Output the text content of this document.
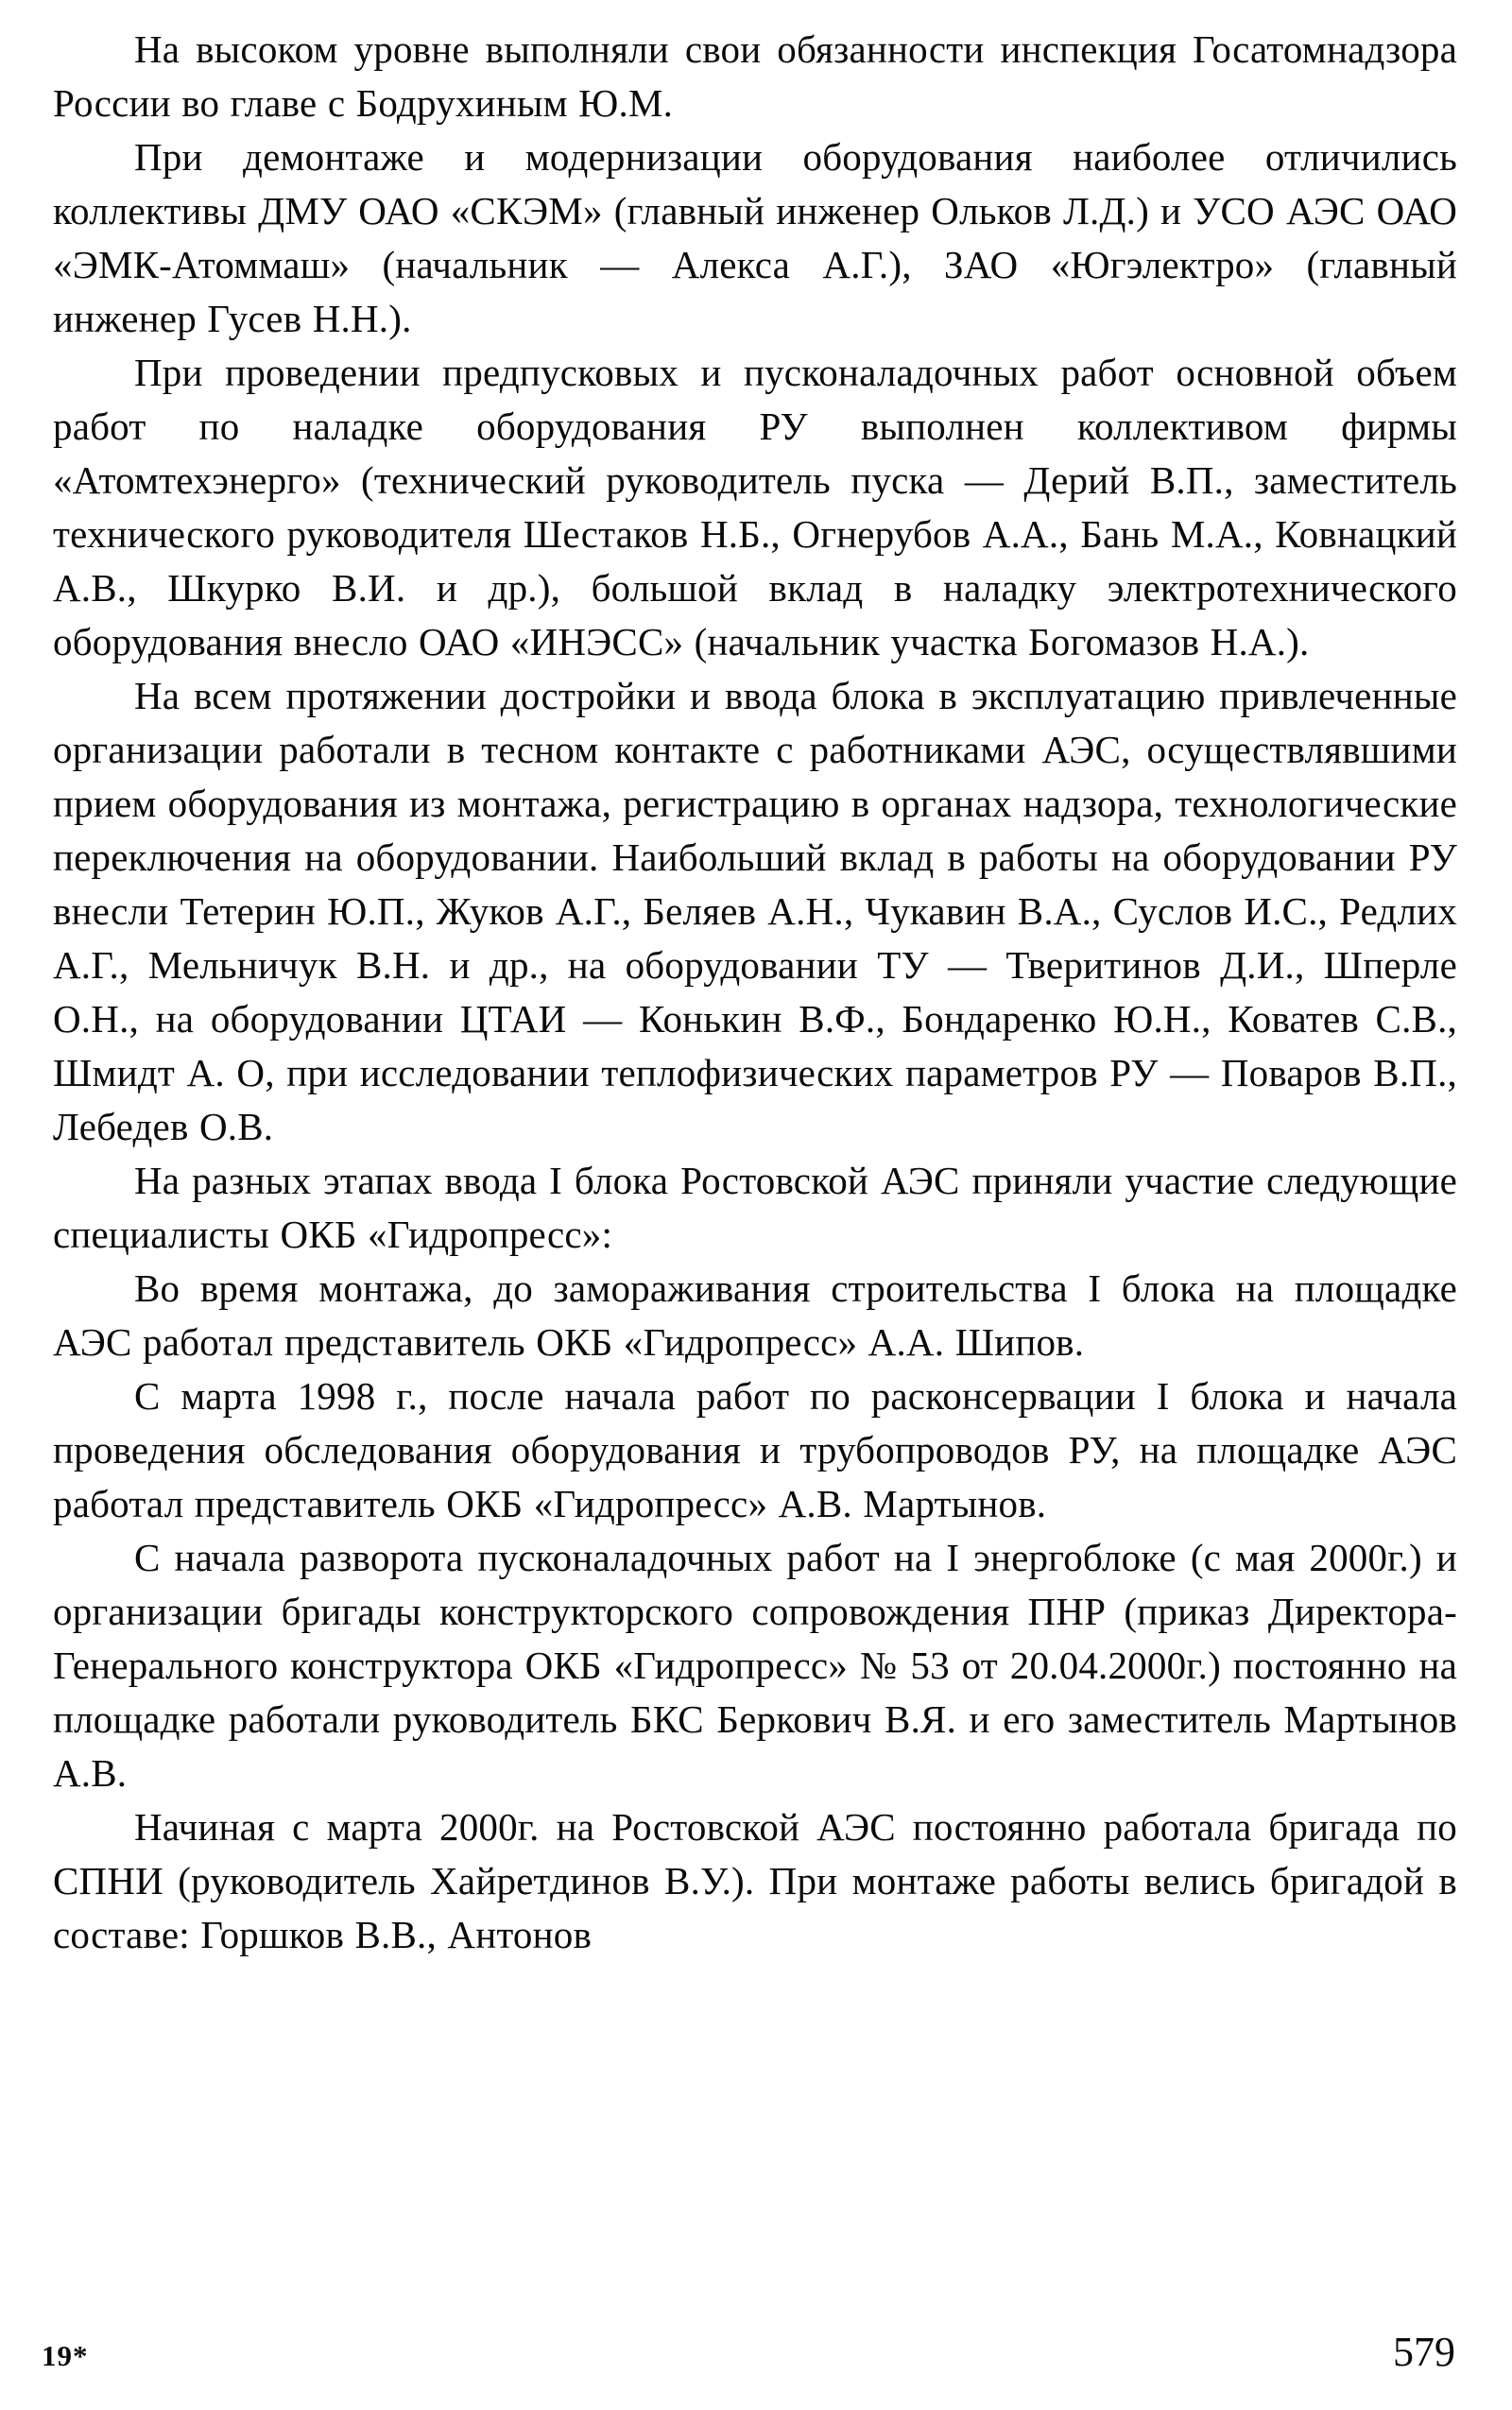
На высоком уровне выполняли свои обязанности инспекция Госатомнадзора России во главе с Бодрухиным Ю.М.

При демонтаже и модернизации оборудования наиболее отличились коллективы ДМУ ОАО «СКЭМ» (главный инженер Ольков Л.Д.) и УСО АЭС ОАО «ЭМК-Атоммаш» (начальник — Алекса А.Г.), ЗАО «Югэлектро» (главный инженер Гусев Н.Н.).

При проведении предпусковых и пусконаладочных работ основной объем работ по наладке оборудования РУ выполнен коллективом фирмы «Атомтехэнерго» (технический руководитель пуска — Дерий В.П., заместитель технического руководителя Шестаков Н.Б., Огнерубов А.А., Бань М.А., Ковнацкий А.В., Шкурко В.И. и др.), большой вклад в наладку электротехнического оборудования внесло ОАО «ИНЭСС» (начальник участка Богомазов Н.А.).

На всем протяжении достройки и ввода блока в эксплуатацию привлеченные организации работали в тесном контакте с работниками АЭС, осуществлявшими прием оборудования из монтажа, регистрацию в органах надзора, технологические переключения на оборудовании. Наибольший вклад в работы на оборудовании РУ внесли Тетерин Ю.П., Жуков А.Г., Беляев А.Н., Чукавин В.А., Суслов И.С., Редлих А.Г., Мельничук В.Н. и др., на оборудовании ТУ — Тверитинов Д.И., Шперле О.Н., на оборудовании ЦТАИ — Конькин В.Ф., Бондаренко Ю.Н., Коватев С.В., Шмидт А. О, при исследовании теплофизических параметров РУ — Поваров В.П., Лебедев О.В.

На разных этапах ввода I блока Ростовской АЭС приняли участие следующие специалисты ОКБ «Гидропресс»:

Во время монтажа, до замораживания строительства I блока на площадке АЭС работал представитель ОКБ «Гидропресс» А.А. Шипов.

С марта 1998 г., после начала работ по расконсервации I блока и начала проведения обследования оборудования и трубопроводов РУ, на площадке АЭС работал представитель ОКБ «Гидропресс» А.В. Мартынов.

С начала разворота пусконаладочных работ на I энергоблоке (с мая 2000г.) и организации бригады конструкторского сопровождения ПНР (приказ Директора-Генерального конструктора ОКБ «Гидропресс» № 53 от 20.04.2000г.) постоянно на площадке работали руководитель БКС Беркович В.Я. и его заместитель Мартынов А.В.

Начиная с марта 2000г. на Ростовской АЭС постоянно работала бригада по СПНИ (руководитель Хайретдинов В.У.). При монтаже работы велись бригадой в составе: Горшков В.В., Антонов

19*	579
